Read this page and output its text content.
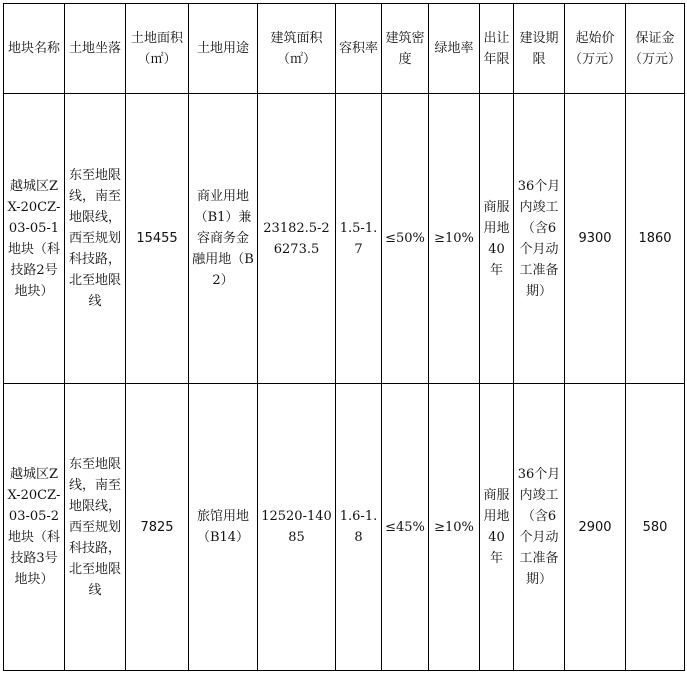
地块名称	土地坐落	土地面积（㎡）	土地用途	建筑面积（㎡）	容积率	建筑密度	绿地率	出让年限	建设期限	起始价（万元）	保证金（万元）
越城区ZX-20CZ-03-05-1地块（科技路2号地块）	东至地限线，南至地限线，西至规划科技路，北至地限线	15455	商业用地（B1）兼容商务金融用地（B2）	23182.5-26273.5	1.5-1.7	≤50%	≥10%	商服用地40年	36个月内竣工（含6个月动工准备期）	9300	1860
越城区ZX-20CZ-03-05-2地块（科技路3号地块）	东至地限线，南至地限线，西至规划科技路，北至地限线	7825	旅馆用地（B14）	12520-14085	1.6-1.8	≤45%	≥10%	商服用地40年	36个月内竣工（含6个月动工准备期）	2900	580
